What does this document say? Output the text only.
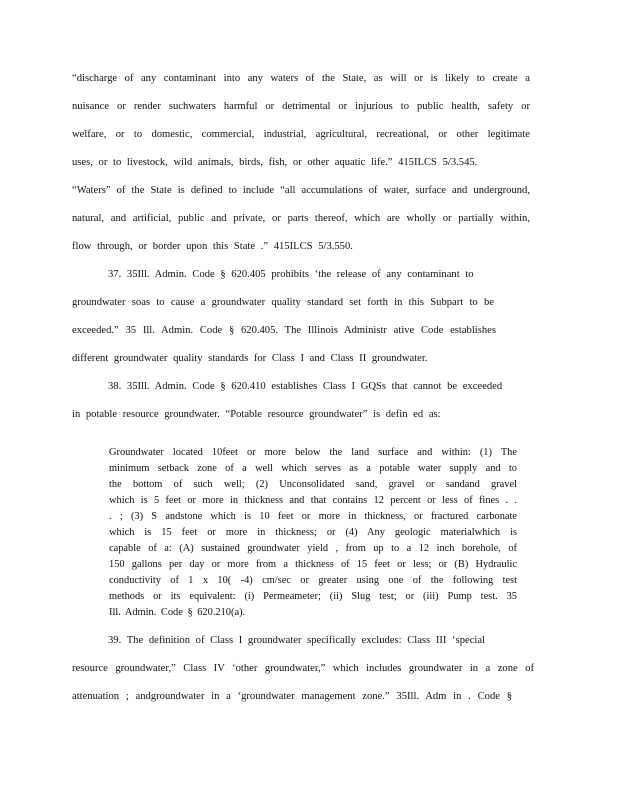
“discharge of any contaminant into any waters of the State, as will or is likely to create a
nuisance or render suchwaters harmful or detrimental or injurious to public health, safety or
welfare, or to domestic, commercial, industrial, agricultural, recreational, or other legitimate
uses, or to livestock, wild animals, birds, fish, or other aquatic life.” 415ILCS 5/3.545.
“Waters” of the State is defined to include “all accumulations of water, surface and underground,
natural, and artificial, public and private, or parts thereof, which are wholly or partially within,
flow through, or border upon this State .” 415ILCS 5/3.550.
37. 35Ill. Admin. Code § 620.405 prohibits ‘the release of any contaminant to
groundwater soas to cause a groundwater quality standard set forth in this Subpart to be
exceeded.” 35 Ill. Admin. Code § 620.405. The Illinois Administr ative Code establishes
different groundwater quality standards for Class I and Class II groundwater.
38. 35Ill. Admin. Code § 620.410 establishes Class I GQSs that cannot be exceeded
in potable resource groundwater. “Potable resource groundwater” is defin ed as:
Groundwater located 10feet or more below the land surface and within: (1) The
minimum setback zone of a well which serves as a potable water supply and to
the bottom of such well; (2) Unconsolidated sand, gravel or sandand gravel
which is 5 feet or more in thickness and that contains 12 percent or less of fines . .
. ; (3) S andstone which is 10 feet or more in thickness, or fractured carbonate
which is 15 feet or more in thickness; or (4) Any geologic materialwhich is
capable of a: (A) sustained groundwater yield , from up to a 12 inch borehole, of
150 gallons per day or more from a thickness of 15 feet or less; or (B) Hydraulic
conductivity of 1 x 10( -4) cm/sec or greater using one of the following test
methods or its equivalent: (i) Permeameter; (ii) Slug test; or (iii) Pump test. 35
Ill. Admin. Code § 620.210(a).
39. The definition of Class I groundwater specifically excludes: Class III ‘special
resource groundwater,” Class IV ‘other groundwater,” which includes groundwater in a zone of
attenuation ; andgroundwater in a ‘groundwater management zone.” 35Ill. Adm in . Code §
